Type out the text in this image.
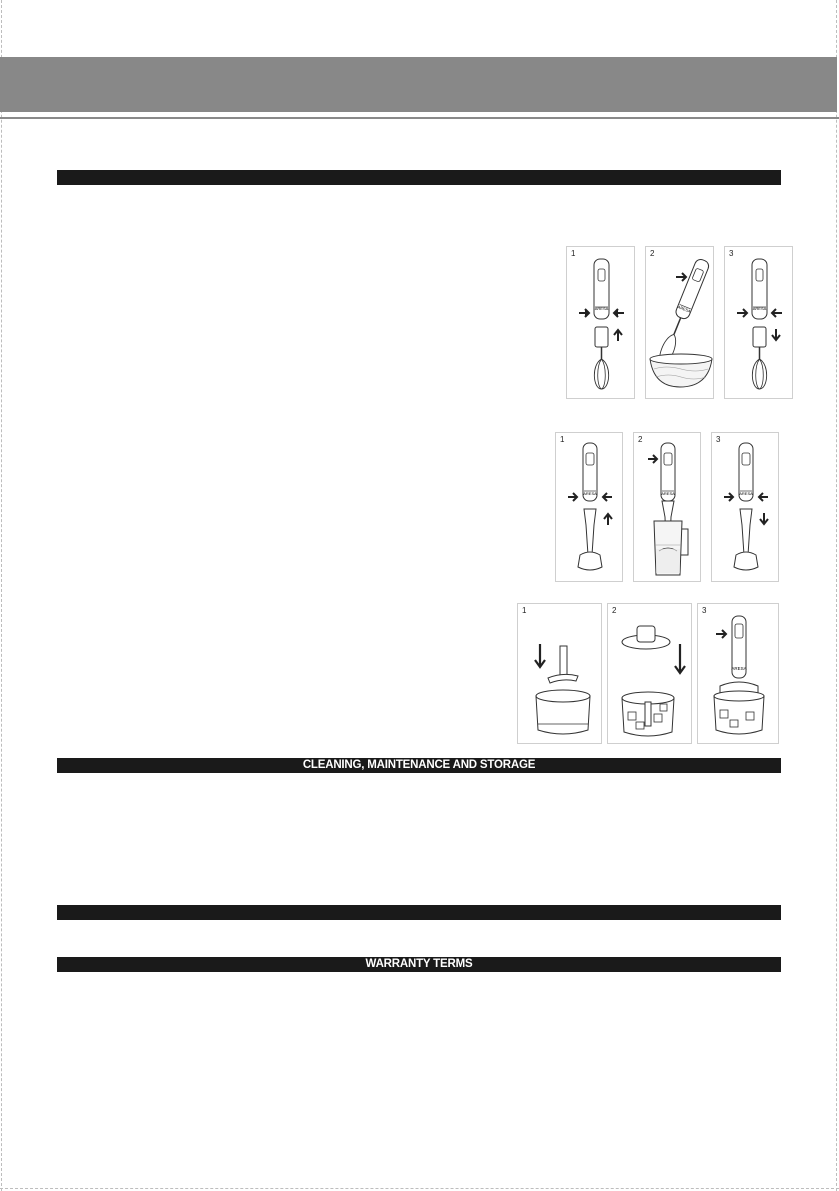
1
ARESA
2
ARESA
3
ARESA
1
ARESA
2
ARESA
3
ARESA
1	2	3
ARESA
CLEANING, MAINTENANCE AND STORAGE
WARRANTY TERMS
